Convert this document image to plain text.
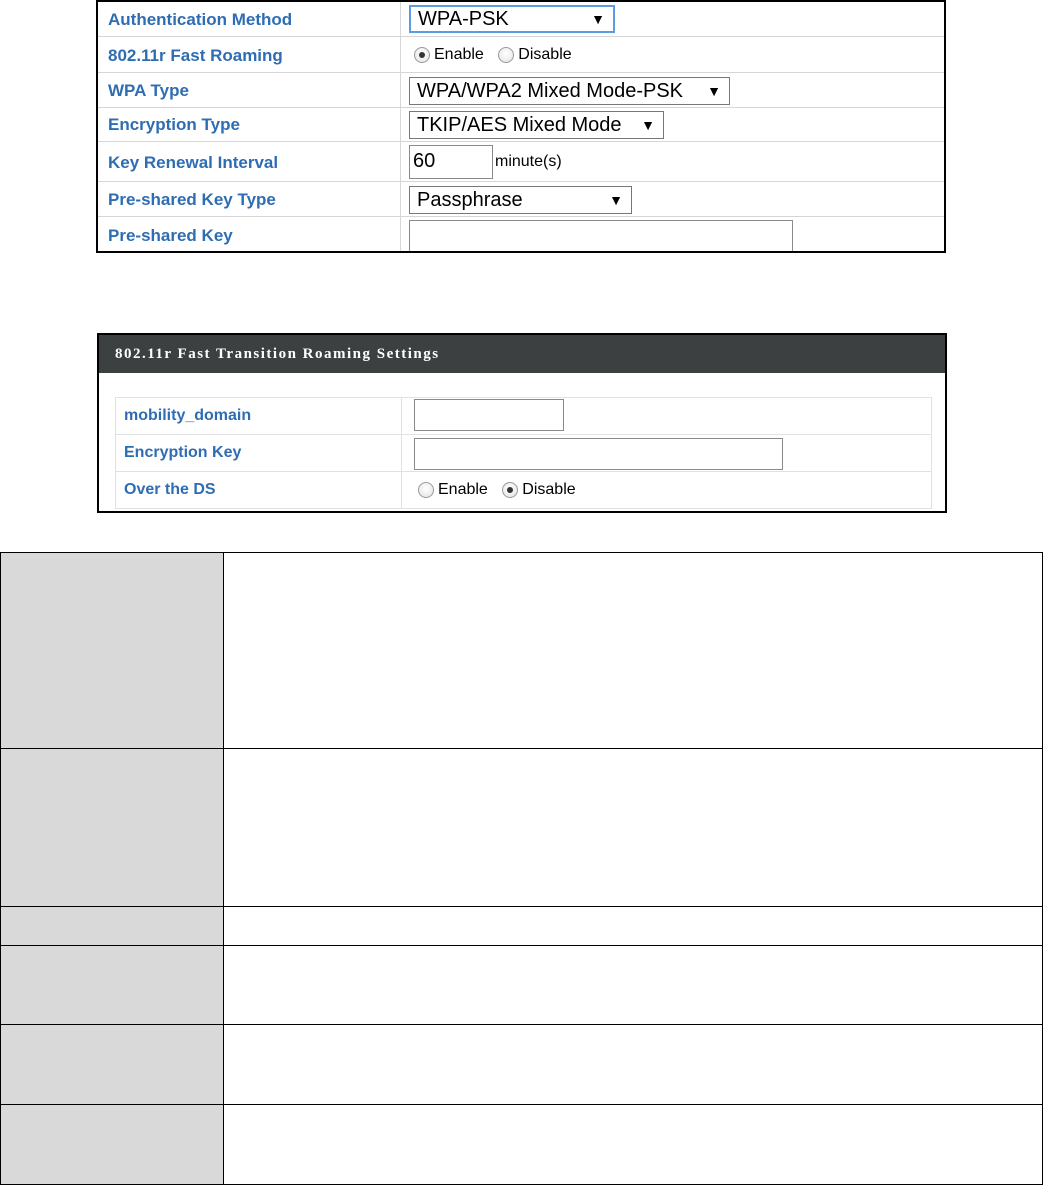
Authentication Method	WPA-PSK	▼
802.11r Fast Roaming	Enable Disable
WPA Type	WPA/WPA2 Mixed Mode-PSK ▼
Encryption Type	TKIP/AES Mixed Mode ▼
Key Renewal Interval	60	minute(s)
Pre-shared Key Type	Passphrase	▼
Pre-shared Key
802.11r Fast Transition Roaming Settings
mobility_domain
Encryption Key
Over the DS	Enable Disable
